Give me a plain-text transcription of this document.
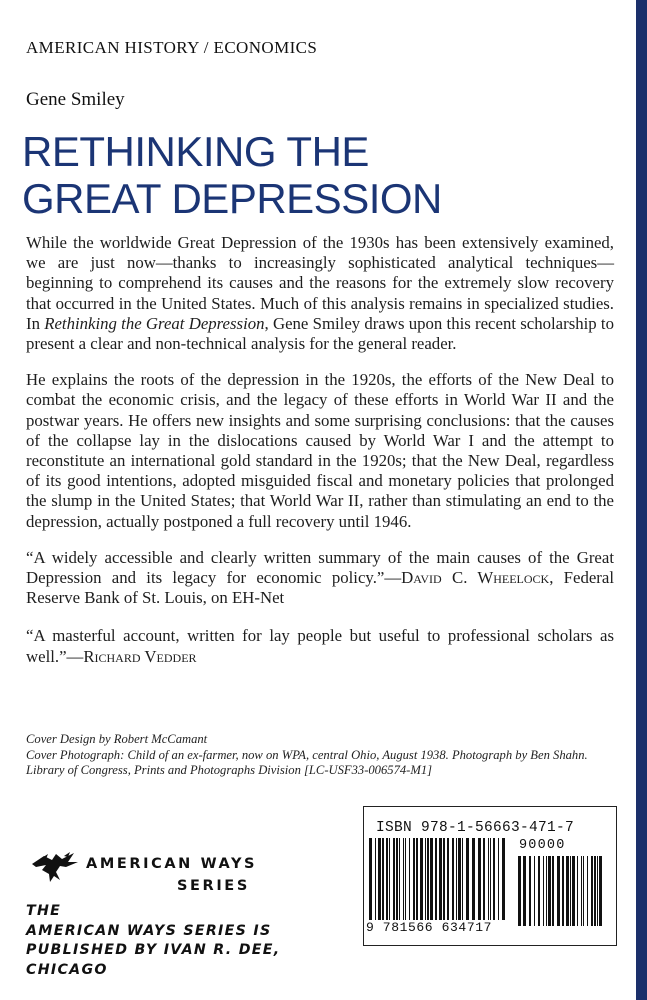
AMERICAN HISTORY / ECONOMICS
Gene Smiley
RETHINKING THE
GREAT DEPRESSION

While the worldwide Great Depression of the 1930s has been extensively examined, we are just now—thanks to increasingly sophisticated analytical techniques—beginning to comprehend its causes and the reasons for the extremely slow recovery that occurred in the United States. Much of this analysis remains in specialized studies. In Rethinking the Great Depression, Gene Smiley draws upon this recent scholarship to present a clear and non-technical analysis for the general reader.

He explains the roots of the depression in the 1920s, the efforts of the New Deal to combat the economic crisis, and the legacy of these efforts in World War II and the postwar years. He offers new insights and some surprising conclusions: that the causes of the collapse lay in the dislocations caused by World War I and the attempt to reconstitute an international gold standard in the 1920s; that the New Deal, regardless of its good intentions, adopted misguided fiscal and monetary policies that prolonged the slump in the United States; that World War II, rather than stimulating an end to the depression, actually postponed a full recovery until 1946.

“A widely accessible and clearly written summary of the main causes of the Great Depression and its legacy for economic policy.”—David C. Wheelock, Federal Reserve Bank of St. Louis, on EH-Net

“A masterful account, written for lay people but useful to professional scholars as well.”—Richard Vedder

Cover Design by Robert McCamant
Cover Photograph: Child of an ex-farmer, now on WPA, central Ohio, August 1938. Photograph by Ben Shahn. Library of Congress, Prints and Photographs Division [LC-USF33-006574-M1]
AMERICAN WAYS
SERIES
THE
AMERICAN WAYS SERIES IS
PUBLISHED BY IVAN R. DEE,
CHICAGO
ISBN 978-1-56663-471-7
90000
9 781566 634717
